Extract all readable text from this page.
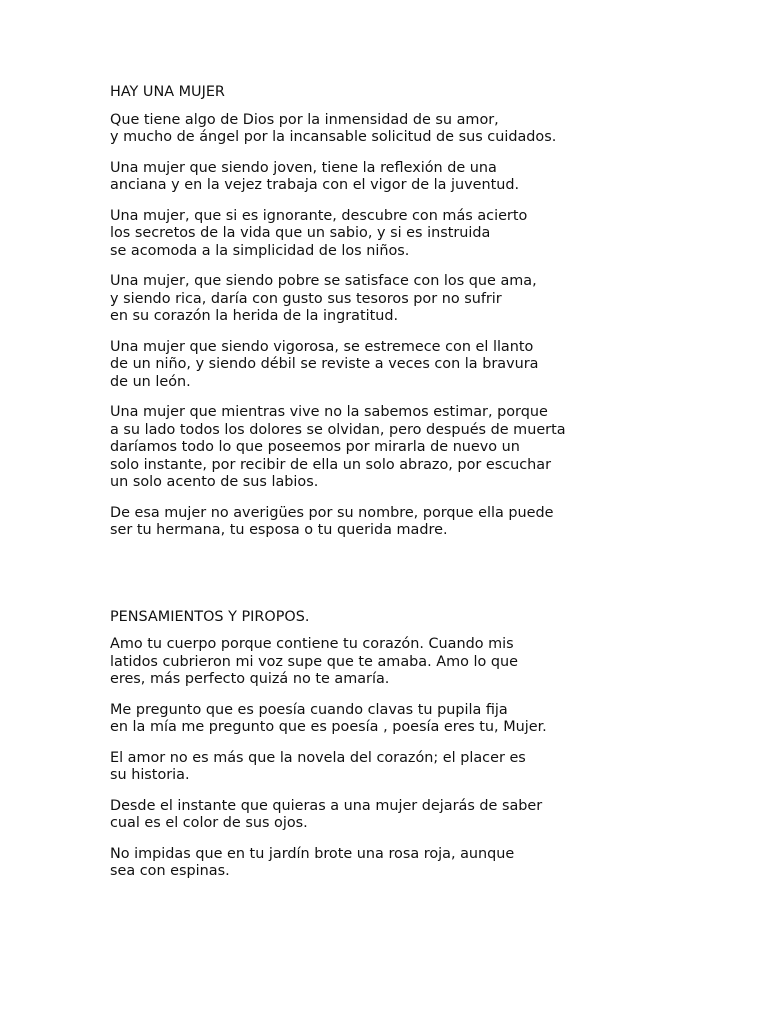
HAY UNA MUJER
Que tiene algo de Dios por la inmensidad de su amor,
y mucho de ángel por la incansable solicitud de sus cuidados.
Una mujer que siendo joven, tiene la reflexión de una
anciana y en la vejez trabaja con el vigor de la juventud.
Una mujer, que si es ignorante, descubre con más acierto
los secretos de la vida que un sabio, y si es instruida
se acomoda a la simplicidad de los niños.
Una mujer, que siendo pobre se satisface con los que ama,
y siendo rica, daría con gusto sus tesoros por no sufrir
en su corazón la herida de la ingratitud.
Una mujer que siendo vigorosa, se estremece con el llanto
de un niño, y siendo débil se reviste a veces con la bravura
de un león.
Una mujer que mientras vive no la sabemos estimar, porque
a su lado todos los dolores se olvidan, pero después de muerta
daríamos todo lo que poseemos por mirarla de nuevo un
solo instante, por recibir de ella un solo abrazo, por escuchar
un solo acento de sus labios.
De esa mujer no averigües por su nombre, porque ella puede
ser tu hermana, tu esposa o tu querida madre.
PENSAMIENTOS Y PIROPOS.
Amo tu cuerpo porque contiene tu corazón. Cuando mis
latidos cubrieron mi voz supe que te amaba. Amo lo que
eres, más perfecto quizá no te amaría.
Me pregunto que es poesía cuando clavas tu pupila fija
en la mía me pregunto que es poesía , poesía eres tu, Mujer.
El amor no es más que la novela del corazón; el placer es
su historia.
Desde el instante que quieras a una mujer dejarás de saber
cual es el color de sus ojos.
No impidas que en tu jardín brote una rosa roja, aunque
sea con espinas.
